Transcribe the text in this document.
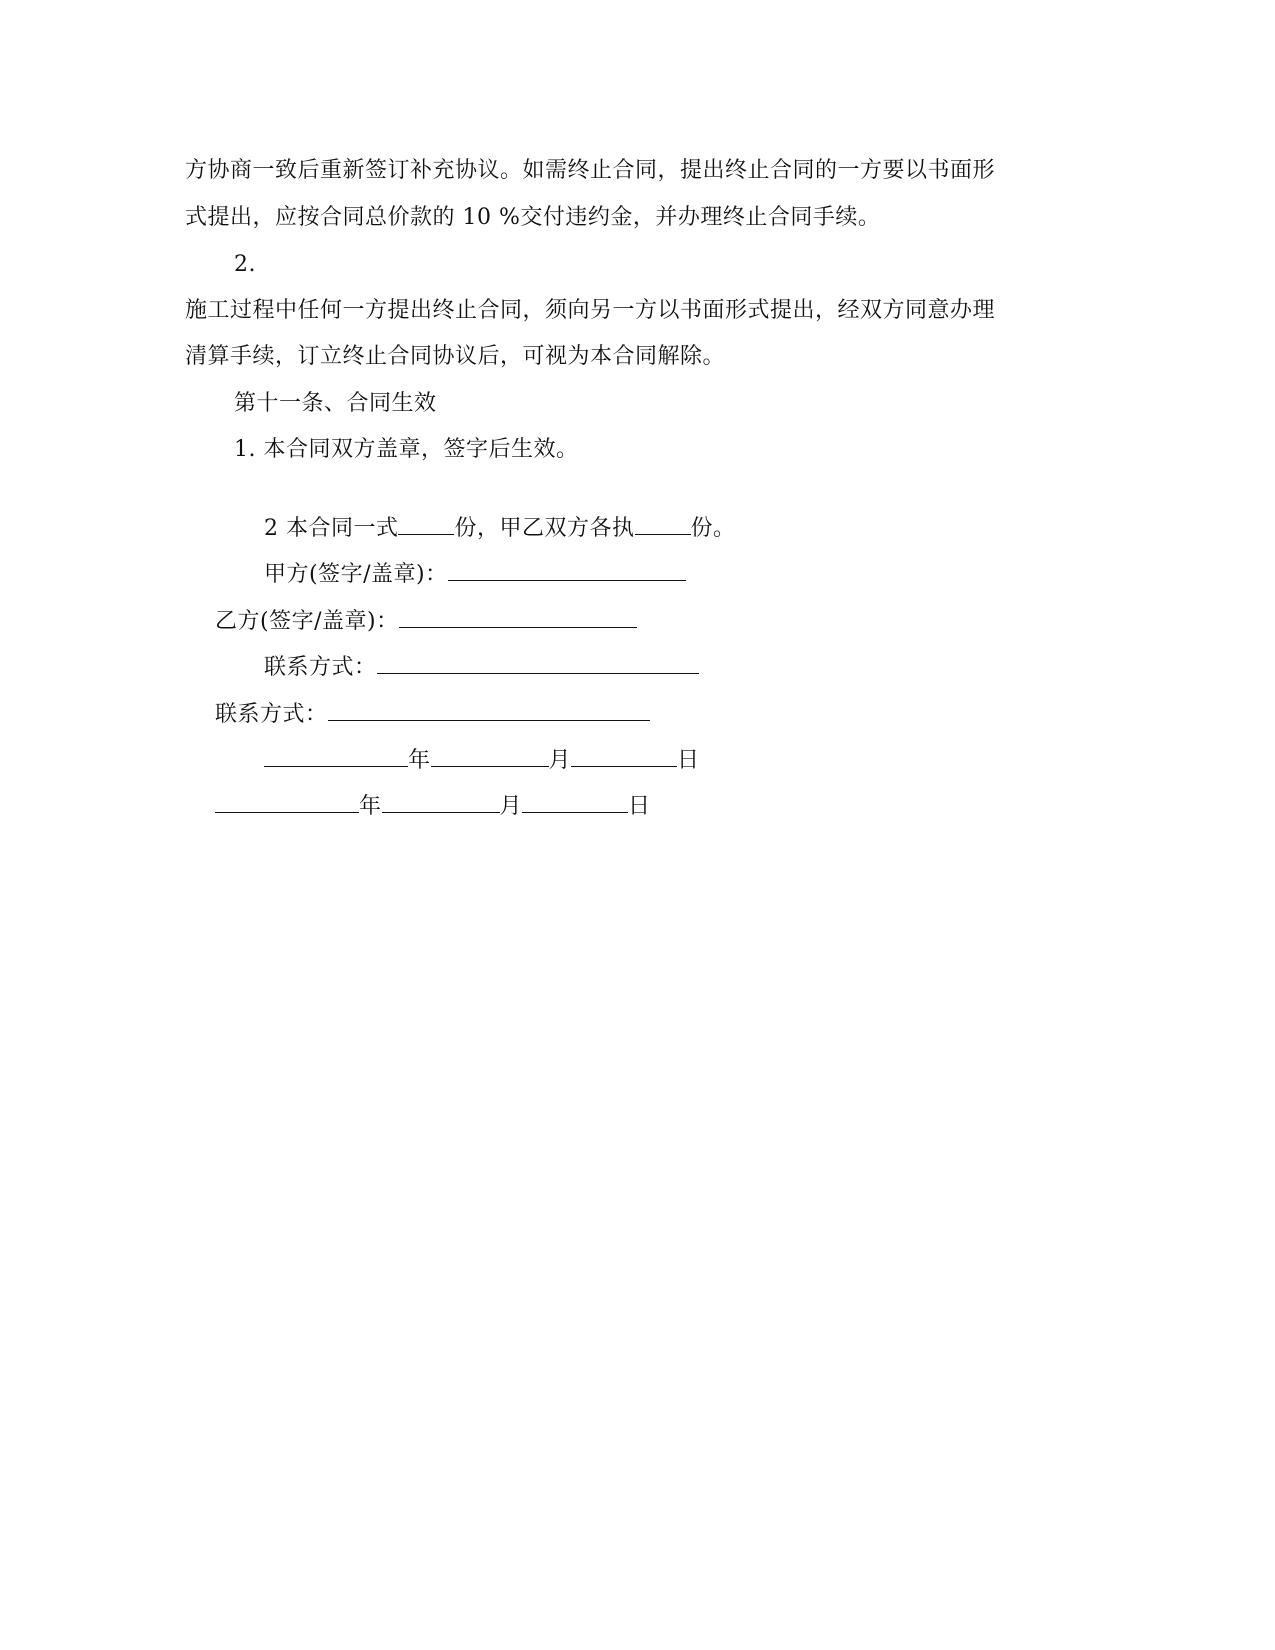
方协商一致后重新签订补充协议。如需终止合同，提出终止合同的一方要以书面形
式提出，应按合同总价款的 10 %交付违约金，并办理终止合同手续。
2.
施工过程中任何一方提出终止合同，须向另一方以书面形式提出，经双方同意办理
清算手续，订立终止合同协议后，可视为本合同解除。
第十一条、合同生效
1. 本合同双方盖章，签字后生效。

2 本合同一式	份，甲乙双方各执	份。

甲方(签字/盖章)：

乙方(签字/盖章)：

联系方式：

联系方式：

年	月	日

年	月	日
